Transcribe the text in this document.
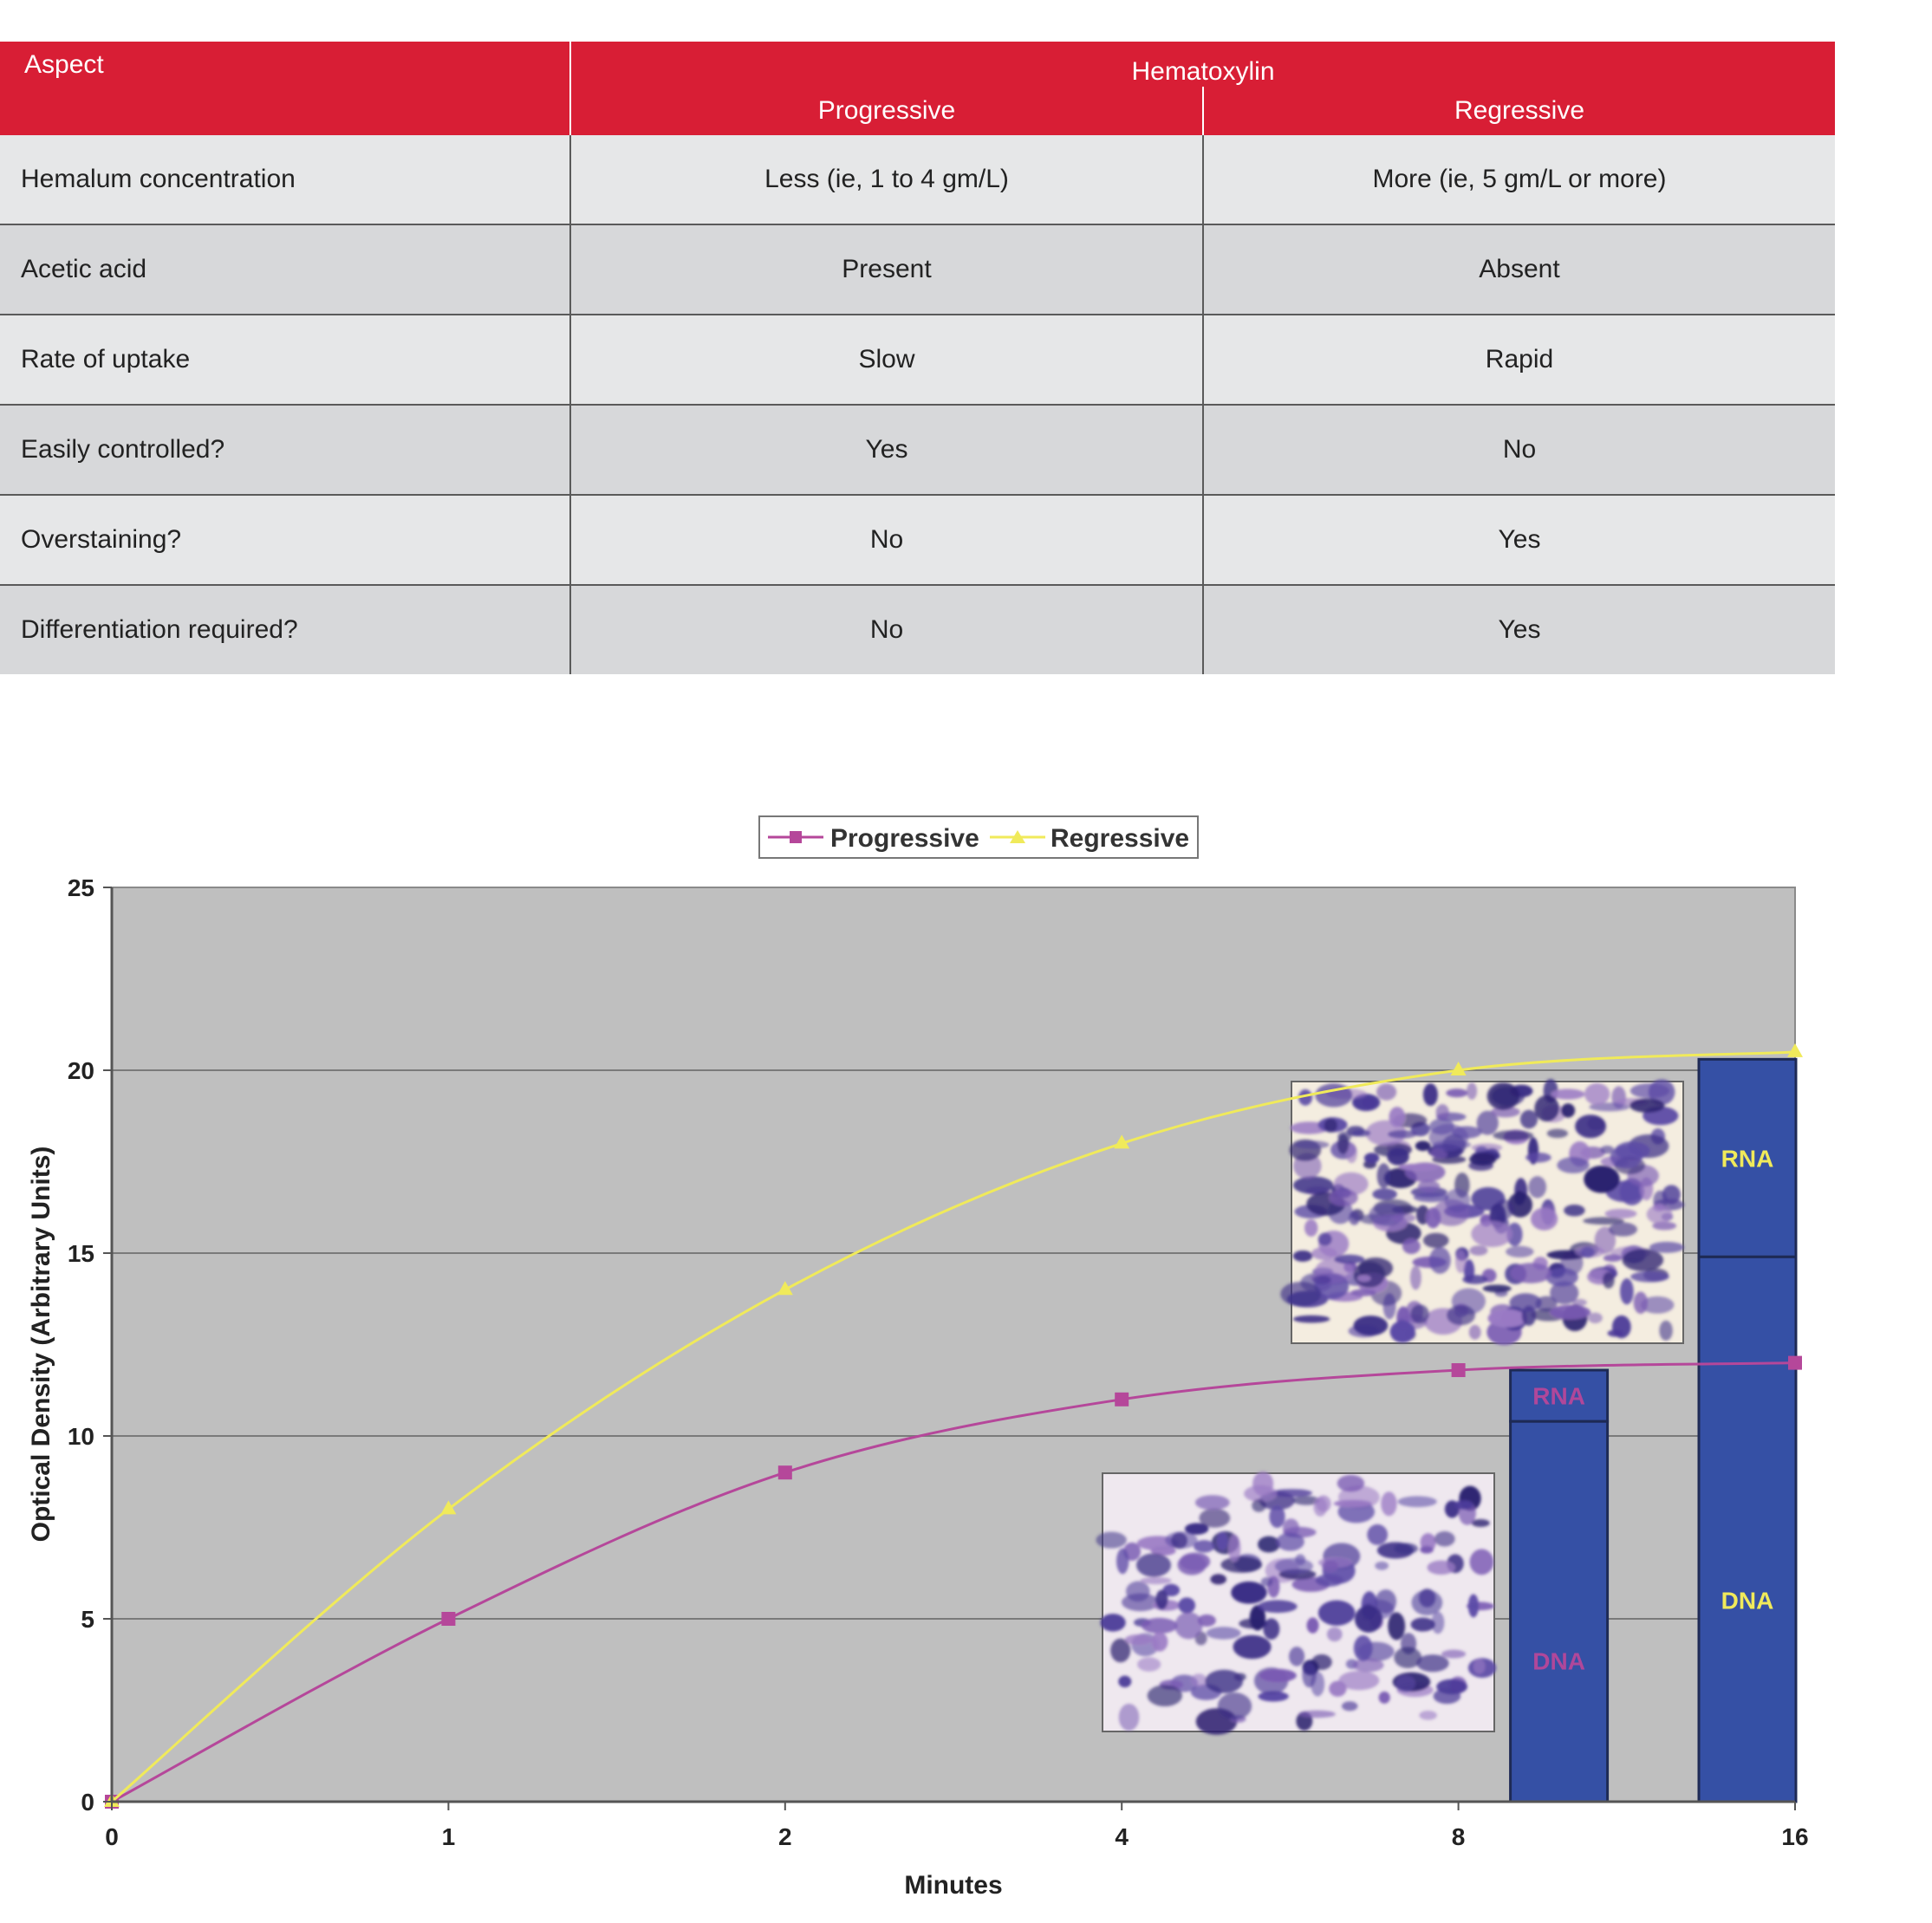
Aspect	Hematoxylin	
	Progressive	Regressive
Hemalum concentration	Less (ie, 1 to 4 gm/L)	More (ie, 5 gm/L or more)
Acetic acid	Present	Absent
Rate of uptake	Slow	Rapid
Easily controlled?	Yes	No
Overstaining?	No	Yes
Differentiation required?	No	Yes
DNA
RNA
DNA
RNA
0
5
10
15
20
25
0	1	2	4	8	16
Minutes
Optical Density (Arbitrary Units)
Progressive	Regressive
